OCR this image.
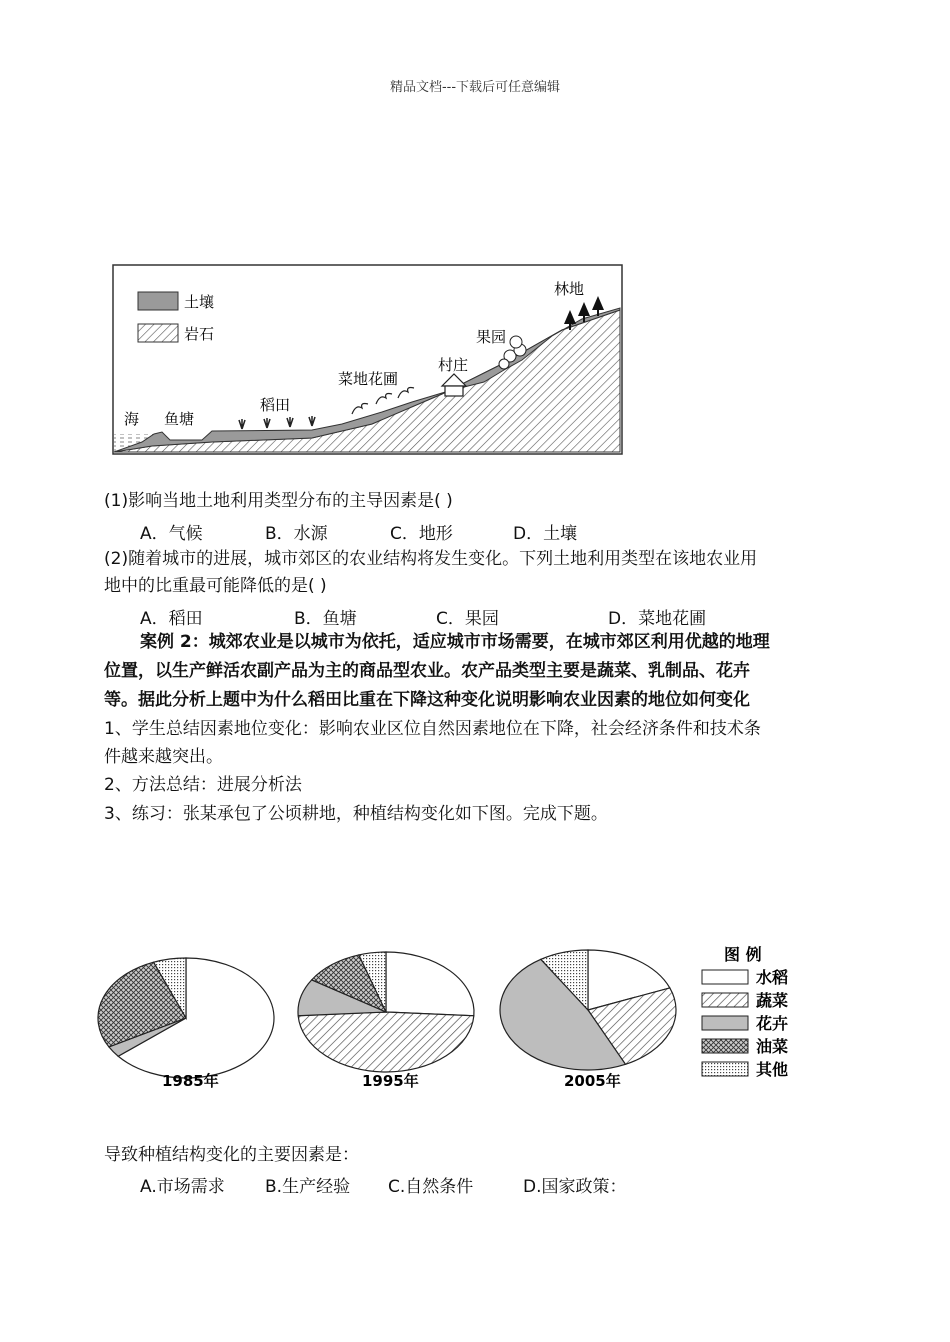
精品文档---下载后可任意编辑
土壤
岩石
海 鱼塘
稻田
菜地花圃
村庄
果园
林地
(1)影响当地土地利用类型分布的主导因素是( )
A．气候	B．水源	C．地形	D．土壤
(2)随着城市的进展，城市郊区的农业结构将发生变化。下列土地利用类型在该地农业用
地中的比重最可能降低的是( )
A．稻田	B．鱼塘	C．果园	D．菜地花圃
案例 2：城郊农业是以城市为依托，适应城市市场需要，在城市郊区利用优越的地理
位置，以生产鲜活农副产品为主的商品型农业。农产品类型主要是蔬菜、乳制品、花卉
等。据此分析上题中为什么稻田比重在下降这种变化说明影响农业因素的地位如何变化
1、学生总结因素地位变化：影响农业区位自然因素地位在下降，社会经济条件和技术条
件越来越突出。
2、方法总结：进展分析法
3、练习：张某承包了公顷耕地，种植结构变化如下图。完成下题。
1985年	1995年	2005年
图 例
水稻
蔬菜
花卉
油菜
其他
导致种植结构变化的主要因素是：
A.市场需求 B.生产经验 C.自然条件	D.国家政策：
